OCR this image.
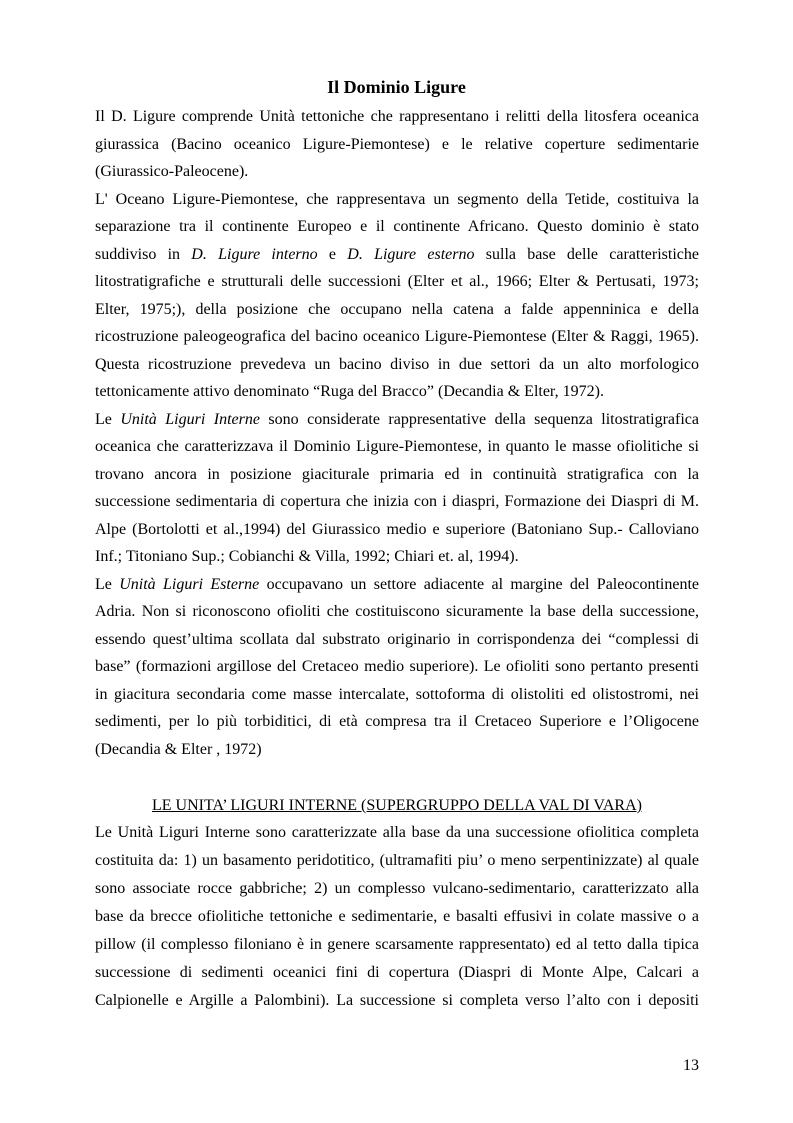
Il Dominio Ligure
Il D. Ligure comprende Unità tettoniche che rappresentano i relitti della litosfera oceanica
giurassica (Bacino oceanico Ligure-Piemontese) e le relative coperture sedimentarie
(Giurassico-Paleocene).
L' Oceano Ligure-Piemontese, che rappresentava un segmento della Tetide, costituiva la
separazione tra il continente Europeo e il continente Africano. Questo dominio è stato
suddiviso in D. Ligure interno e D. Ligure esterno sulla base delle caratteristiche
litostratigrafiche e strutturali delle successioni (Elter et al., 1966; Elter & Pertusati, 1973;
Elter, 1975;), della posizione che occupano nella catena a falde appenninica e della
ricostruzione paleogeografica del bacino oceanico Ligure-Piemontese (Elter & Raggi, 1965).
Questa ricostruzione prevedeva un bacino diviso in due settori da un alto morfologico
tettonicamente attivo denominato “Ruga del Bracco” (Decandia & Elter, 1972).
Le Unità Liguri Interne sono considerate rappresentative della sequenza litostratigrafica
oceanica che caratterizzava il Dominio Ligure-Piemontese, in quanto le masse ofiolitiche si
trovano ancora in posizione giaciturale primaria ed in continuità stratigrafica con la
successione sedimentaria di copertura che inizia con i diaspri, Formazione dei Diaspri di M.
Alpe (Bortolotti et al.,1994) del Giurassico medio e superiore (Batoniano Sup.- Calloviano
Inf.; Titoniano Sup.; Cobianchi & Villa, 1992; Chiari et. al, 1994).
Le Unità Liguri Esterne occupavano un settore adiacente al margine del Paleocontinente
Adria. Non si riconoscono ofioliti che costituiscono sicuramente la base della successione,
essendo quest’ultima scollata dal substrato originario in corrispondenza dei “complessi di
base” (formazioni argillose del Cretaceo medio superiore). Le ofioliti sono pertanto presenti
in giacitura secondaria come masse intercalate, sottoforma di olistoliti ed olistostromi, nei
sedimenti, per lo più torbiditici, di età compresa tra il Cretaceo Superiore e l’Oligocene
(Decandia & Elter , 1972)
LE UNITA’ LIGURI INTERNE (SUPERGRUPPO DELLA VAL DI VARA)
Le Unità Liguri Interne sono caratterizzate alla base da una successione ofiolitica completa
costituita da: 1) un basamento peridotitico, (ultramafiti piu’ o meno serpentinizzate) al quale
sono associate rocce gabbriche; 2) un complesso vulcano-sedimentario, caratterizzato alla
base da brecce ofiolitiche tettoniche e sedimentarie, e basalti effusivi in colate massive o a
pillow (il complesso filoniano è in genere scarsamente rappresentato) ed al tetto dalla tipica
successione di sedimenti oceanici fini di copertura (Diaspri di Monte Alpe, Calcari a
Calpionelle e Argille a Palombini). La successione si completa verso l’alto con i depositi
13
